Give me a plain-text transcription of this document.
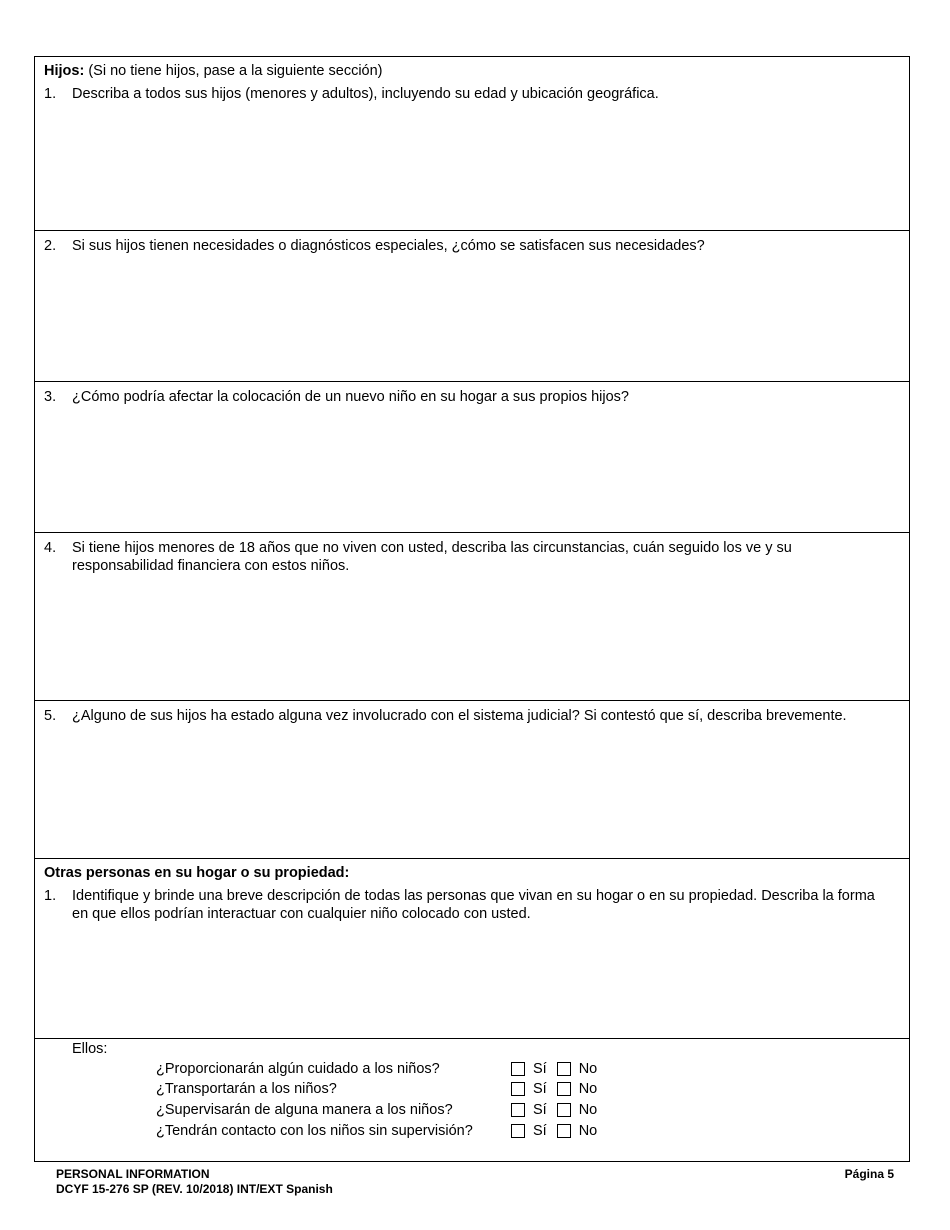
Hijos: (Si no tiene hijos, pase a la siguiente sección)
1.	Describa a todos sus hijos (menores y adultos), incluyendo su edad y ubicación geográfica.
2.	Si sus hijos tienen necesidades o diagnósticos especiales, ¿cómo se satisfacen sus necesidades?
3.	¿Cómo podría afectar la colocación de un nuevo niño en su hogar a sus propios hijos?
4.	Si tiene hijos menores de 18 años que no viven con usted, describa las circunstancias, cuán seguido los ve y su responsabilidad financiera con estos niños.
5.	¿Alguno de sus hijos ha estado alguna vez involucrado con el sistema judicial? Si contestó que sí, describa brevemente.
Otras personas en su hogar o su propiedad:
1.	Identifique y brinde una breve descripción de todas las personas que vivan en su hogar o en su propiedad. Describa la forma en que ellos podrían interactuar con cualquier niño colocado con usted.
Ellos:
¿Proporcionarán algún cuidado a los niños?	Sí No
¿Transportarán a los niños?	Sí No
¿Supervisarán de alguna manera a los niños?	Sí No
¿Tendrán contacto con los niños sin supervisión?	Sí No
PERSONAL INFORMATION
DCYF 15-276 SP (REV. 10/2018) INT/EXT Spanish
Página 5
